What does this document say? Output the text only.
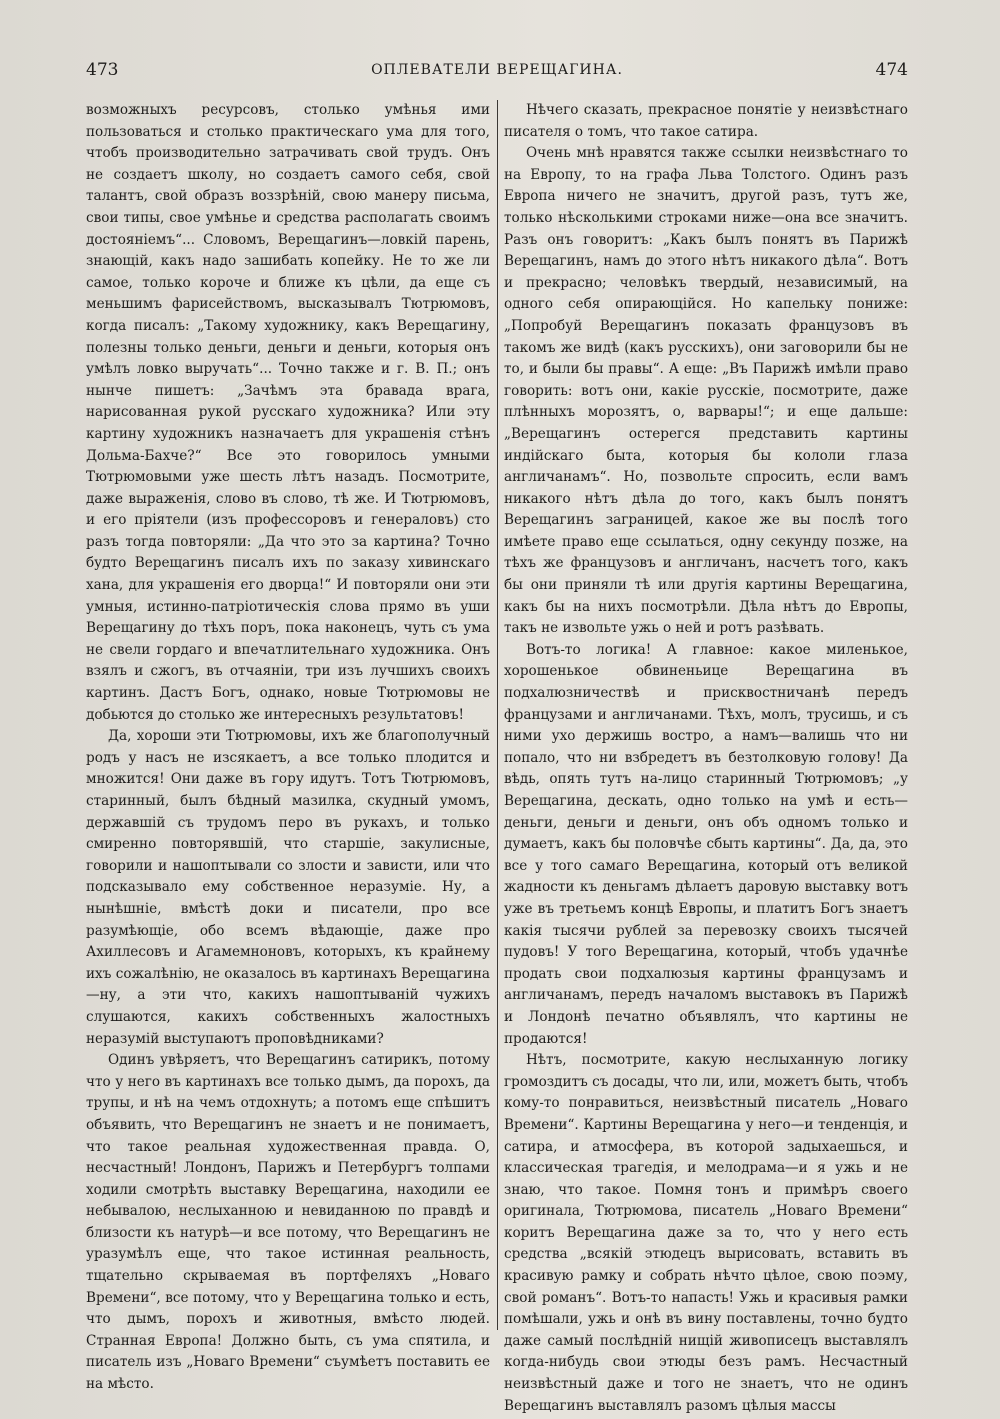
473	ОПЛЕВАТЕЛИ ВЕРЕЩАГИНА.	474

возможныхъ ресурсовъ, столько умѣнья ими пользоваться и столько практическаго ума для того, чтобъ производительно затрачивать свой трудъ. Онъ не создаетъ школу, но создаетъ самого себя, свой талантъ, свой образъ воззрѣній, свою манеру письма, свои типы, свое умѣнье и средства располагать своимъ достояніемъ“... Словомъ, Верещагинъ—ловкій парень, знающій, какъ надо зашибать копейку. Не то же ли самое, только короче и ближе къ цѣли, да еще съ меньшимъ фарисействомъ, высказывалъ Тютрюмовъ, когда писалъ: „Такому художнику, какъ Верещагину, полезны только деньги, деньги и деньги, которыя онъ умѣлъ ловко выручать“... Точно также и г. В. П.; онъ нынче пишетъ: „Зачѣмъ эта бравада врага, нарисованная рукой русскаго художника? Или эту картину художникъ назначаетъ для украшенія стѣнъ Дольма-Бахче?“ Все это говорилось умными Тютрюмовыми уже шесть лѣтъ назадъ. Посмотрите, даже выраженія, слово въ слово, тѣ же. И Тютрюмовъ, и его пріятели (изъ профессоровъ и генераловъ) сто разъ тогда повторяли: „Да что это за картина? Точно будто Верещагинъ писалъ ихъ по заказу хивинскаго хана, для украшенія его дворца!“ И повторяли они эти умныя, истинно-патріотическія слова прямо въ уши Верещагину до тѣхъ поръ, пока наконецъ, чуть съ ума не свели гордаго и впечатлительнаго художника. Онъ взялъ и сжогъ, въ отчаяніи, три изъ лучшихъ своихъ картинъ. Дастъ Богъ, однако, новые Тютрюмовы не добьются до столько же интересныхъ результатовъ!

Да, хороши эти Тютрюмовы, ихъ же благополучный родъ у насъ не изсякаетъ, а все только плодится и множится! Они даже въ гору идутъ. Тотъ Тютрюмовъ, старинный, былъ бѣдный мазилка, скудный умомъ, державшій съ трудомъ перо въ рукахъ, и только смиренно повторявшій, что старшіе, закулисные, говорили и нашоптывали со злости и зависти, или что подсказывало ему собственное неразуміе. Ну, а нынѣшніе, вмѣстѣ доки и писатели, про все разумѣющіе, обо всемъ вѣдающіе, даже про Ахиллесовъ и Агамемноновъ, которыхъ, къ крайнему ихъ сожалѣнію, не оказалось въ картинахъ Верещагина—ну, а эти что, какихъ нашоптываній чужихъ слушаются, какихъ собственныхъ жалостныхъ неразумій выступаютъ проповѣдниками?

Одинъ увѣряетъ, что Верещагинъ сатирикъ, потому что у него въ картинахъ все только дымъ, да порохъ, да трупы, и нѣ на чемъ отдохнуть; а потомъ еще спѣшитъ объявить, что Верещагинъ не знаетъ и не понимаетъ, что такое реальная художественная правда. О, несчастный! Лондонъ, Парижъ и Петербургъ толпами ходили смотрѣть выставку Верещагина, находили ее небывалою, неслыханною и невиданною по правдѣ и близости къ натурѣ—и все потому, что Верещагинъ не уразумѣлъ еще, что такое истинная реальность, тщательно скрываемая въ портфеляхъ „Новаго Времени“, все потому, что у Верещагина только и есть, что дымъ, порохъ и животныя, вмѣсто людей. Странная Европа! Должно быть, съ ума спятила, и писатель изъ „Новаго Времени“ съумѣетъ поставить ее на мѣсто.

Нѣчего сказать, прекрасное понятіе у неизвѣстнаго писателя о томъ, что такое сатира.

Очень мнѣ нравятся также ссылки неизвѣстнаго то на Европу, то на графа Льва Толстого. Одинъ разъ Европа ничего не значитъ, другой разъ, тутъ же, только нѣсколькими строками ниже—она все значитъ. Разъ онъ говоритъ: „Какъ былъ понятъ въ Парижѣ Верещагинъ, намъ до этого нѣтъ никакого дѣла“. Вотъ и прекрасно; человѣкъ твердый, независимый, на одного себя опирающійся. Но капельку пониже: „Попробуй Верещагинъ показать французовъ въ такомъ же видѣ (какъ русскихъ), они заговорили бы не то, и были бы правы“. А еще: „Въ Парижѣ имѣли право говорить: вотъ они, какіе русскіе, посмотрите, даже плѣнныхъ морозятъ, о, варвары!“; и еще дальше: „Верещагинъ остерегся представить картины индійскаго быта, которыя бы кололи глаза англичанамъ“. Но, позвольте спросить, если вамъ никакого нѣтъ дѣла до того, какъ былъ понятъ Верещагинъ заграницей, какое же вы послѣ того имѣете право еще ссылаться, одну секунду позже, на тѣхъ же французовъ и англичанъ, насчетъ того, какъ бы они приняли тѣ или другія картины Верещагина, какъ бы на нихъ посмотрѣли. Дѣла нѣтъ до Европы, такъ не извольте ужь о ней и ротъ разѣвать.

Вотъ-то логика! А главное: какое миленькое, хорошенькое обвиненьице Верещагина въ подхалюзничествѣ и присквостничанѣ передъ французами и англичанами. Тѣхъ, молъ, трусишь, и съ ними ухо держишь востро, а намъ—валишь что ни попало, что ни взбредетъ въ безтолковую голову! Да вѣдь, опять тутъ на-лицо старинный Тютрюмовъ; „у Верещагина, дескать, одно только на умѣ и есть—деньги, деньги и деньги, онъ объ одномъ только и думаетъ, какъ бы половчѣе сбыть картины“. Да, да, это все у того самаго Верещагина, который отъ великой жадности къ деньгамъ дѣлаетъ даровую выставку вотъ уже въ третьемъ концѣ Европы, и платитъ Богъ знаетъ какія тысячи рублей за перевозку своихъ тысячей пудовъ! У того Верещагина, который, чтобъ удачнѣе продать свои подхалюзыя картины французамъ и англичанамъ, передъ началомъ выставокъ въ Парижѣ и Лондонѣ печатно объявлялъ, что картины не продаются!

Нѣтъ, посмотрите, какую неслыханную логику громоздитъ съ досады, что ли, или, можетъ быть, чтобъ кому-то понравиться, неизвѣстный писатель „Новаго Времени“. Картины Верещагина у него—и тенденція, и сатира, и атмосфера, въ которой задыхаешься, и классическая трагедія, и мелодрама—и я ужь и не знаю, что такое. Помня тонъ и примѣръ своего оригинала, Тютрюмова, писатель „Новаго Времени“ коритъ Верещагина даже за то, что у него есть средства „всякій этюдецъ вырисовать, вставить въ красивую рамку и собрать нѣчто цѣлое, свою поэму, свой романъ“. Вотъ-то напасть! Ужь и красивыя рамки помѣшали, ужь и онѣ въ вину поставлены, точно будто даже самый послѣдній нищій живописецъ выставлялъ когда-нибудь свои этюды безъ рамъ. Несчастный неизвѣстный даже и того не знаетъ, что не одинъ Верещагинъ выставлялъ разомъ цѣлыя массы
